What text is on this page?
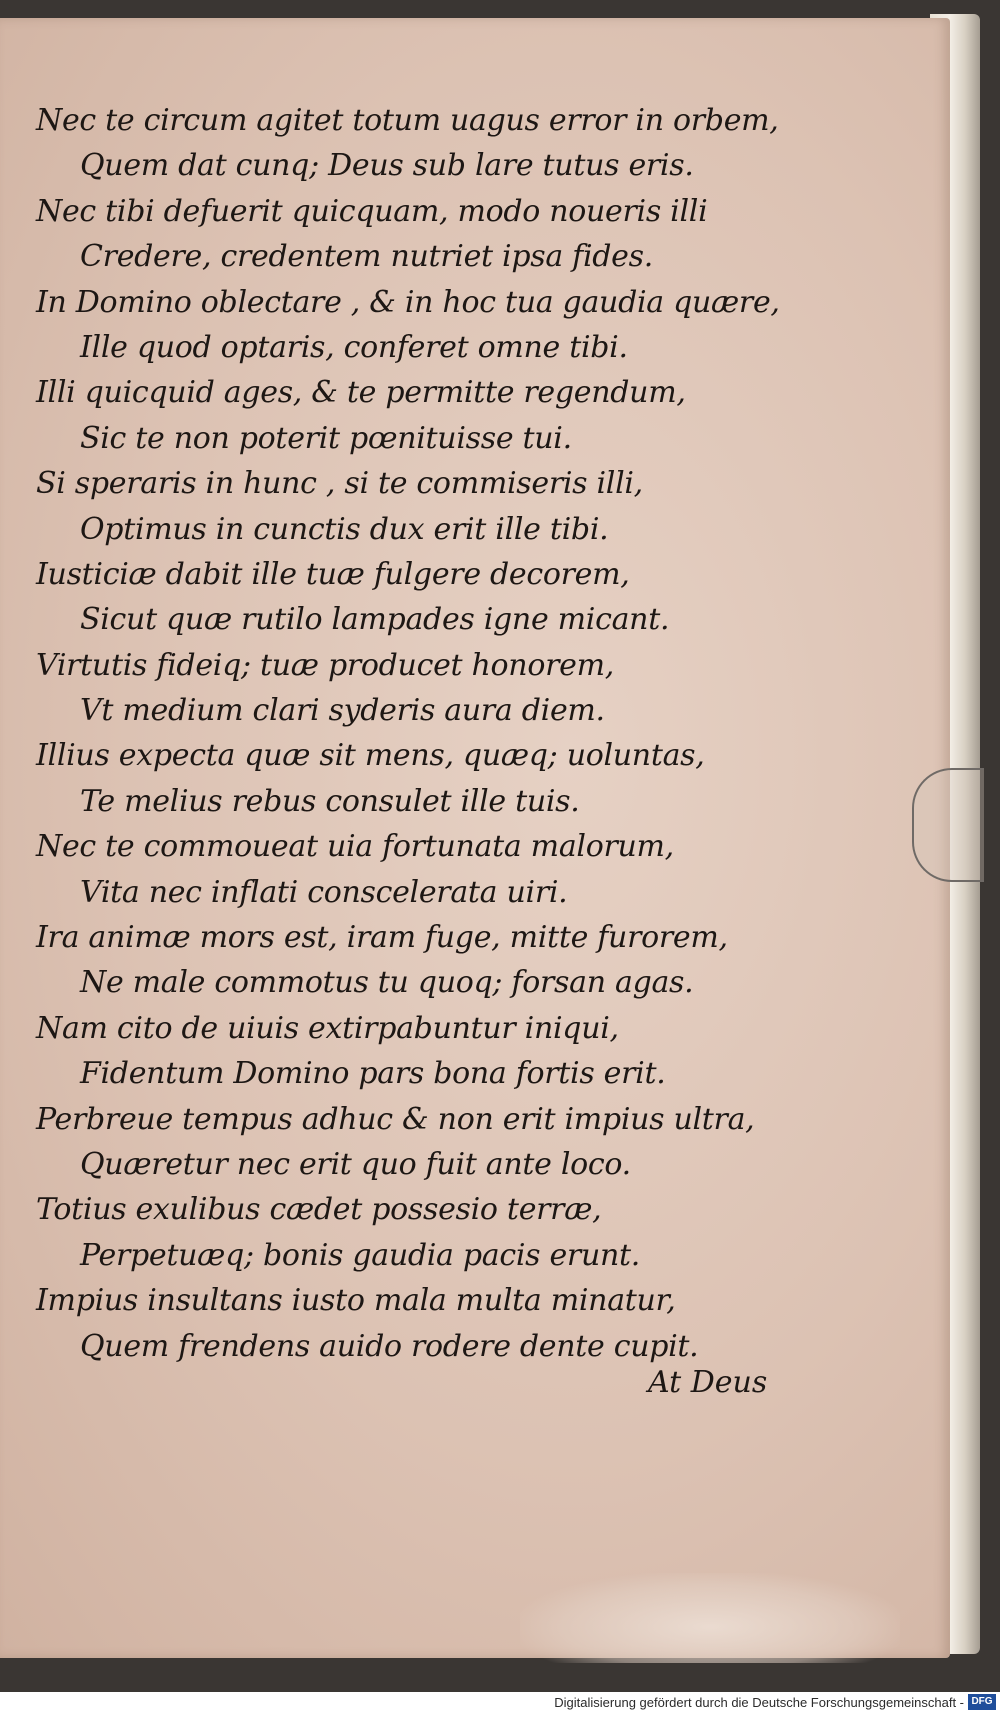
Nec te circum agitet totum uagus error in orbem,
Quem dat cunq; Deus sub lare tutus eris.
Nec tibi defuerit quicquam, modo noueris illi
Credere, credentem nutriet ipsa fides.
In Domino oblectare , & in hoc tua gaudia quære,
Ille quod optaris, conferet omne tibi.
Illi quicquid ages, & te permitte regendum,
Sic te non poterit pœnituisse tui.
Si speraris in hunc , si te commiseris illi,
Optimus in cunctis dux erit ille tibi.
Iusticiæ dabit ille tuæ fulgere decorem,
Sicut quæ rutilo lampades igne micant.
Virtutis fideiq; tuæ producet honorem,
Vt medium clari syderis aura diem.
Illius expecta quæ sit mens, quæq; uoluntas,
Te melius rebus consulet ille tuis.
Nec te commoueat uia fortunata malorum,
Vita nec inflati conscelerata uiri.
Ira animæ mors est, iram fuge, mitte furorem,
Ne male commotus tu quoq; forsan agas.
Nam cito de uiuis extirpabuntur iniqui,
Fidentum Domino pars bona fortis erit.
Perbreue tempus adhuc & non erit impius ultra,
Quæretur nec erit quo fuit ante loco.
Totius exulibus cædet possesio terræ,
Perpetuæq; bonis gaudia pacis erunt.
Impius insultans iusto mala multa minatur,
Quem frendens auido rodere dente cupit.
At Deus
Digitalisierung gefördert durch die Deutsche Forschungsgemeinschaft - DFG
